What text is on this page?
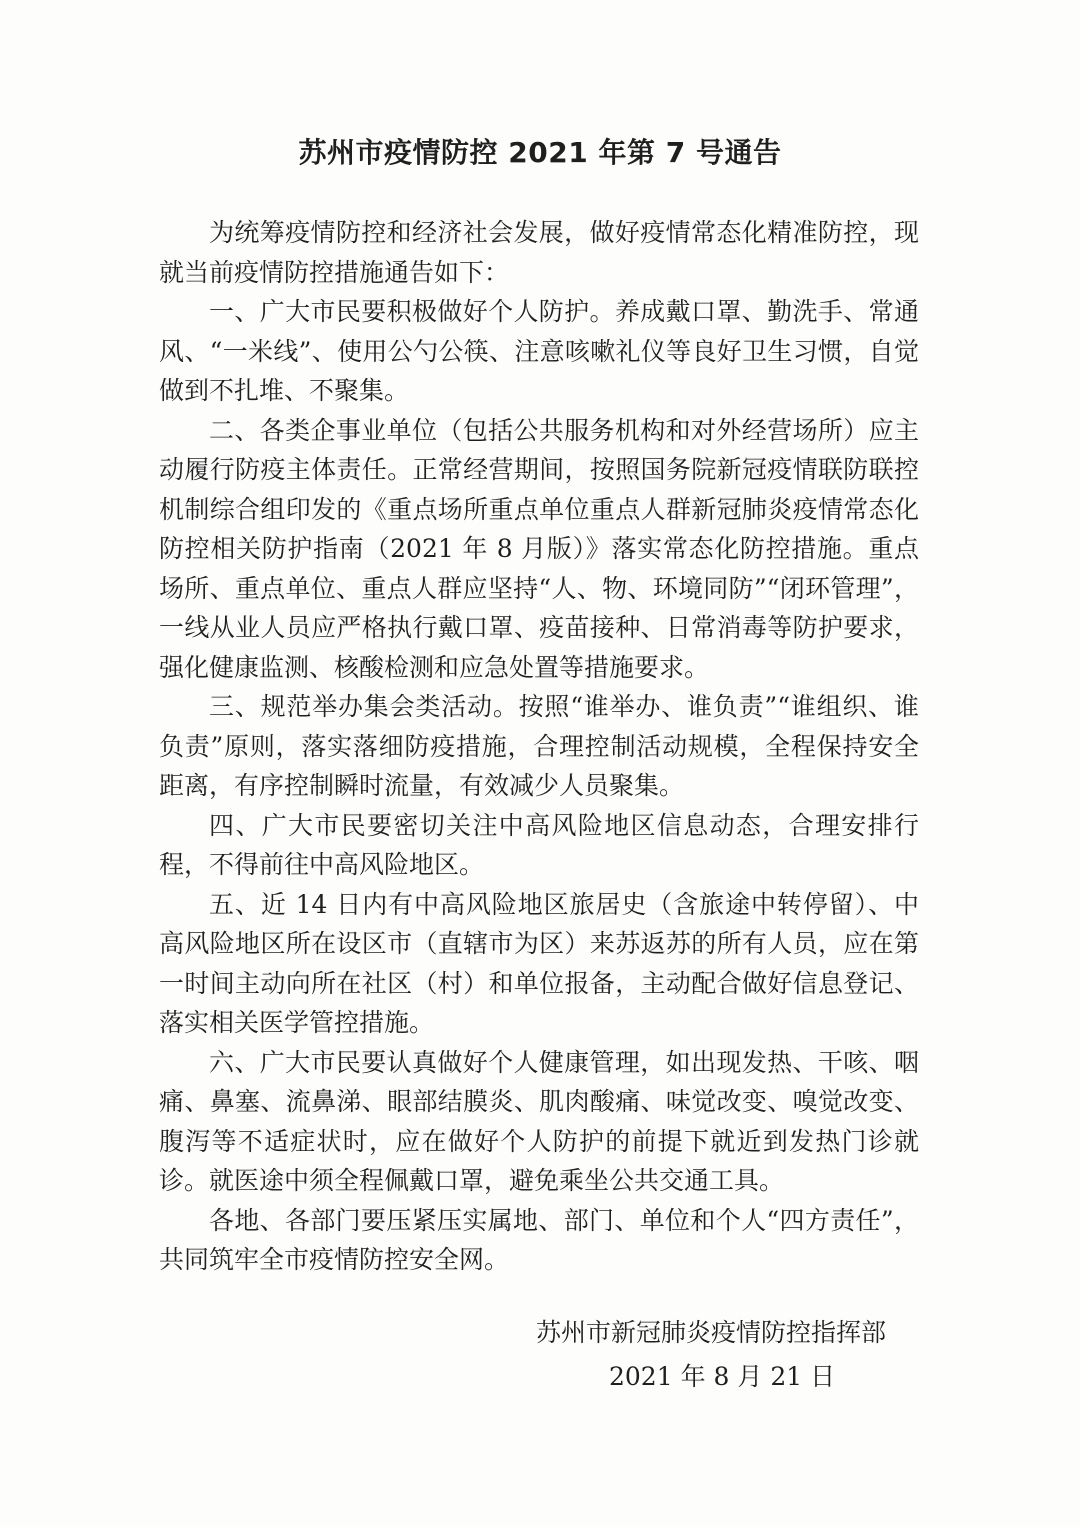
苏州市疫情防控 2021 年第 7 号通告

为统筹疫情防控和经济社会发展，做好疫情常态化精准防控，现就当前疫情防控措施通告如下：

一、广大市民要积极做好个人防护。养成戴口罩、勤洗手、常通风、“一米线”、使用公勺公筷、注意咳嗽礼仪等良好卫生习惯，自觉做到不扎堆、不聚集。

二、各类企事业单位（包括公共服务机构和对外经营场所）应主动履行防疫主体责任。正常经营期间，按照国务院新冠疫情联防联控机制综合组印发的《重点场所重点单位重点人群新冠肺炎疫情常态化防控相关防护指南（2021 年 8 月版）》落实常态化防控措施。重点场所、重点单位、重点人群应坚持“人、物、环境同防”“闭环管理”，一线从业人员应严格执行戴口罩、疫苗接种、日常消毒等防护要求，强化健康监测、核酸检测和应急处置等措施要求。

三、规范举办集会类活动。按照“谁举办、谁负责”“谁组织、谁负责”原则，落实落细防疫措施，合理控制活动规模，全程保持安全距离，有序控制瞬时流量，有效减少人员聚集。

四、广大市民要密切关注中高风险地区信息动态，合理安排行程，不得前往中高风险地区。

五、近 14 日内有中高风险地区旅居史（含旅途中转停留）、中高风险地区所在设区市（直辖市为区）来苏返苏的所有人员，应在第一时间主动向所在社区（村）和单位报备，主动配合做好信息登记、落实相关医学管控措施。

六、广大市民要认真做好个人健康管理，如出现发热、干咳、咽痛、鼻塞、流鼻涕、眼部结膜炎、肌肉酸痛、味觉改变、嗅觉改变、腹泻等不适症状时，应在做好个人防护的前提下就近到发热门诊就诊。就医途中须全程佩戴口罩，避免乘坐公共交通工具。

各地、各部门要压紧压实属地、部门、单位和个人“四方责任”，共同筑牢全市疫情防控安全网。

苏州市新冠肺炎疫情防控指挥部
2021 年 8 月 21 日
